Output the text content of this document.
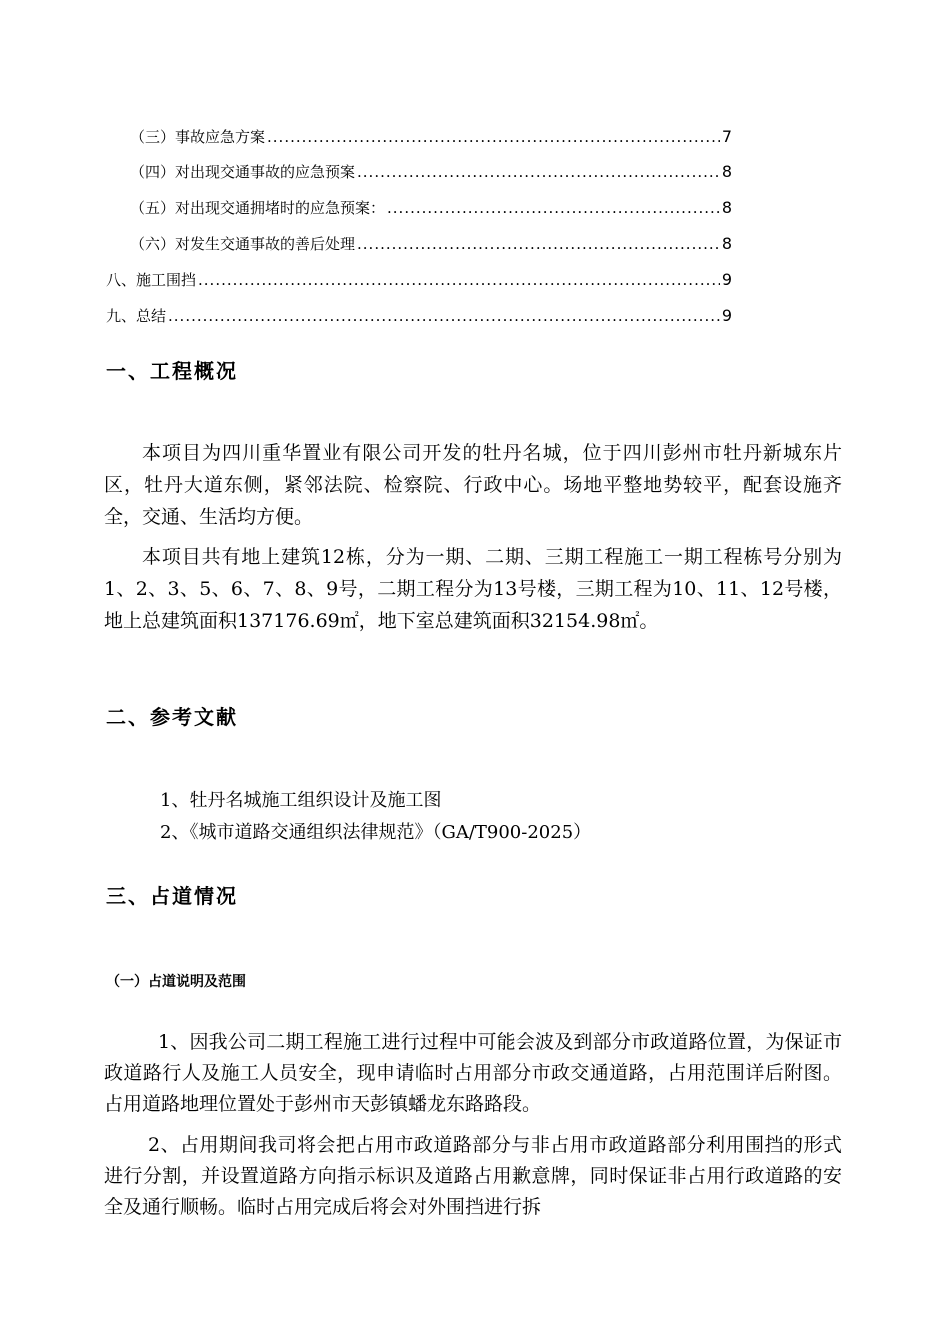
（三）事故应急方案 .....	7
（四）对出现交通事故的应急预案 .....	8
（五）对出现交通拥堵时的应急预案： .....	8
（六）对发生交通事故的善后处理 .....	8
八、施工围挡 .....	9
九、总结 .....	9
一、工程概况

本项目为四川重华置业有限公司开发的牡丹名城，位于四川彭州市牡丹新城东片区，牡丹大道东侧，紧邻法院、检察院、行政中心。场地平整地势较平，配套设施齐全，交通、生活均方便。

本项目共有地上建筑12栋，分为一期、二期、三期工程施工一期工程栋号分别为1、2、3、5、6、7、8、9号，二期工程分为13号楼，三期工程为10、11、12号楼，地上总建筑面积137176.69㎡，地下室总建筑面积32154.98㎡。

二、参考文献
1、牡丹名城施工组织设计及施工图
2、《城市道路交通组织法律规范》（GA/T900-2025）
三、占道情况
（一）占道说明及范围

1、因我公司二期工程施工进行过程中可能会波及到部分市政道路位置，为保证市政道路行人及施工人员安全，现申请临时占用部分市政交通道路，占用范围详后附图。占用道路地理位置处于彭州市天彭镇蟠龙东路路段。

2、占用期间我司将会把占用市政道路部分与非占用市政道路部分利用围挡的形式进行分割，并设置道路方向指示标识及道路占用歉意牌，同时保证非占用行政道路的安全及通行顺畅。临时占用完成后将会对外围挡进行拆
